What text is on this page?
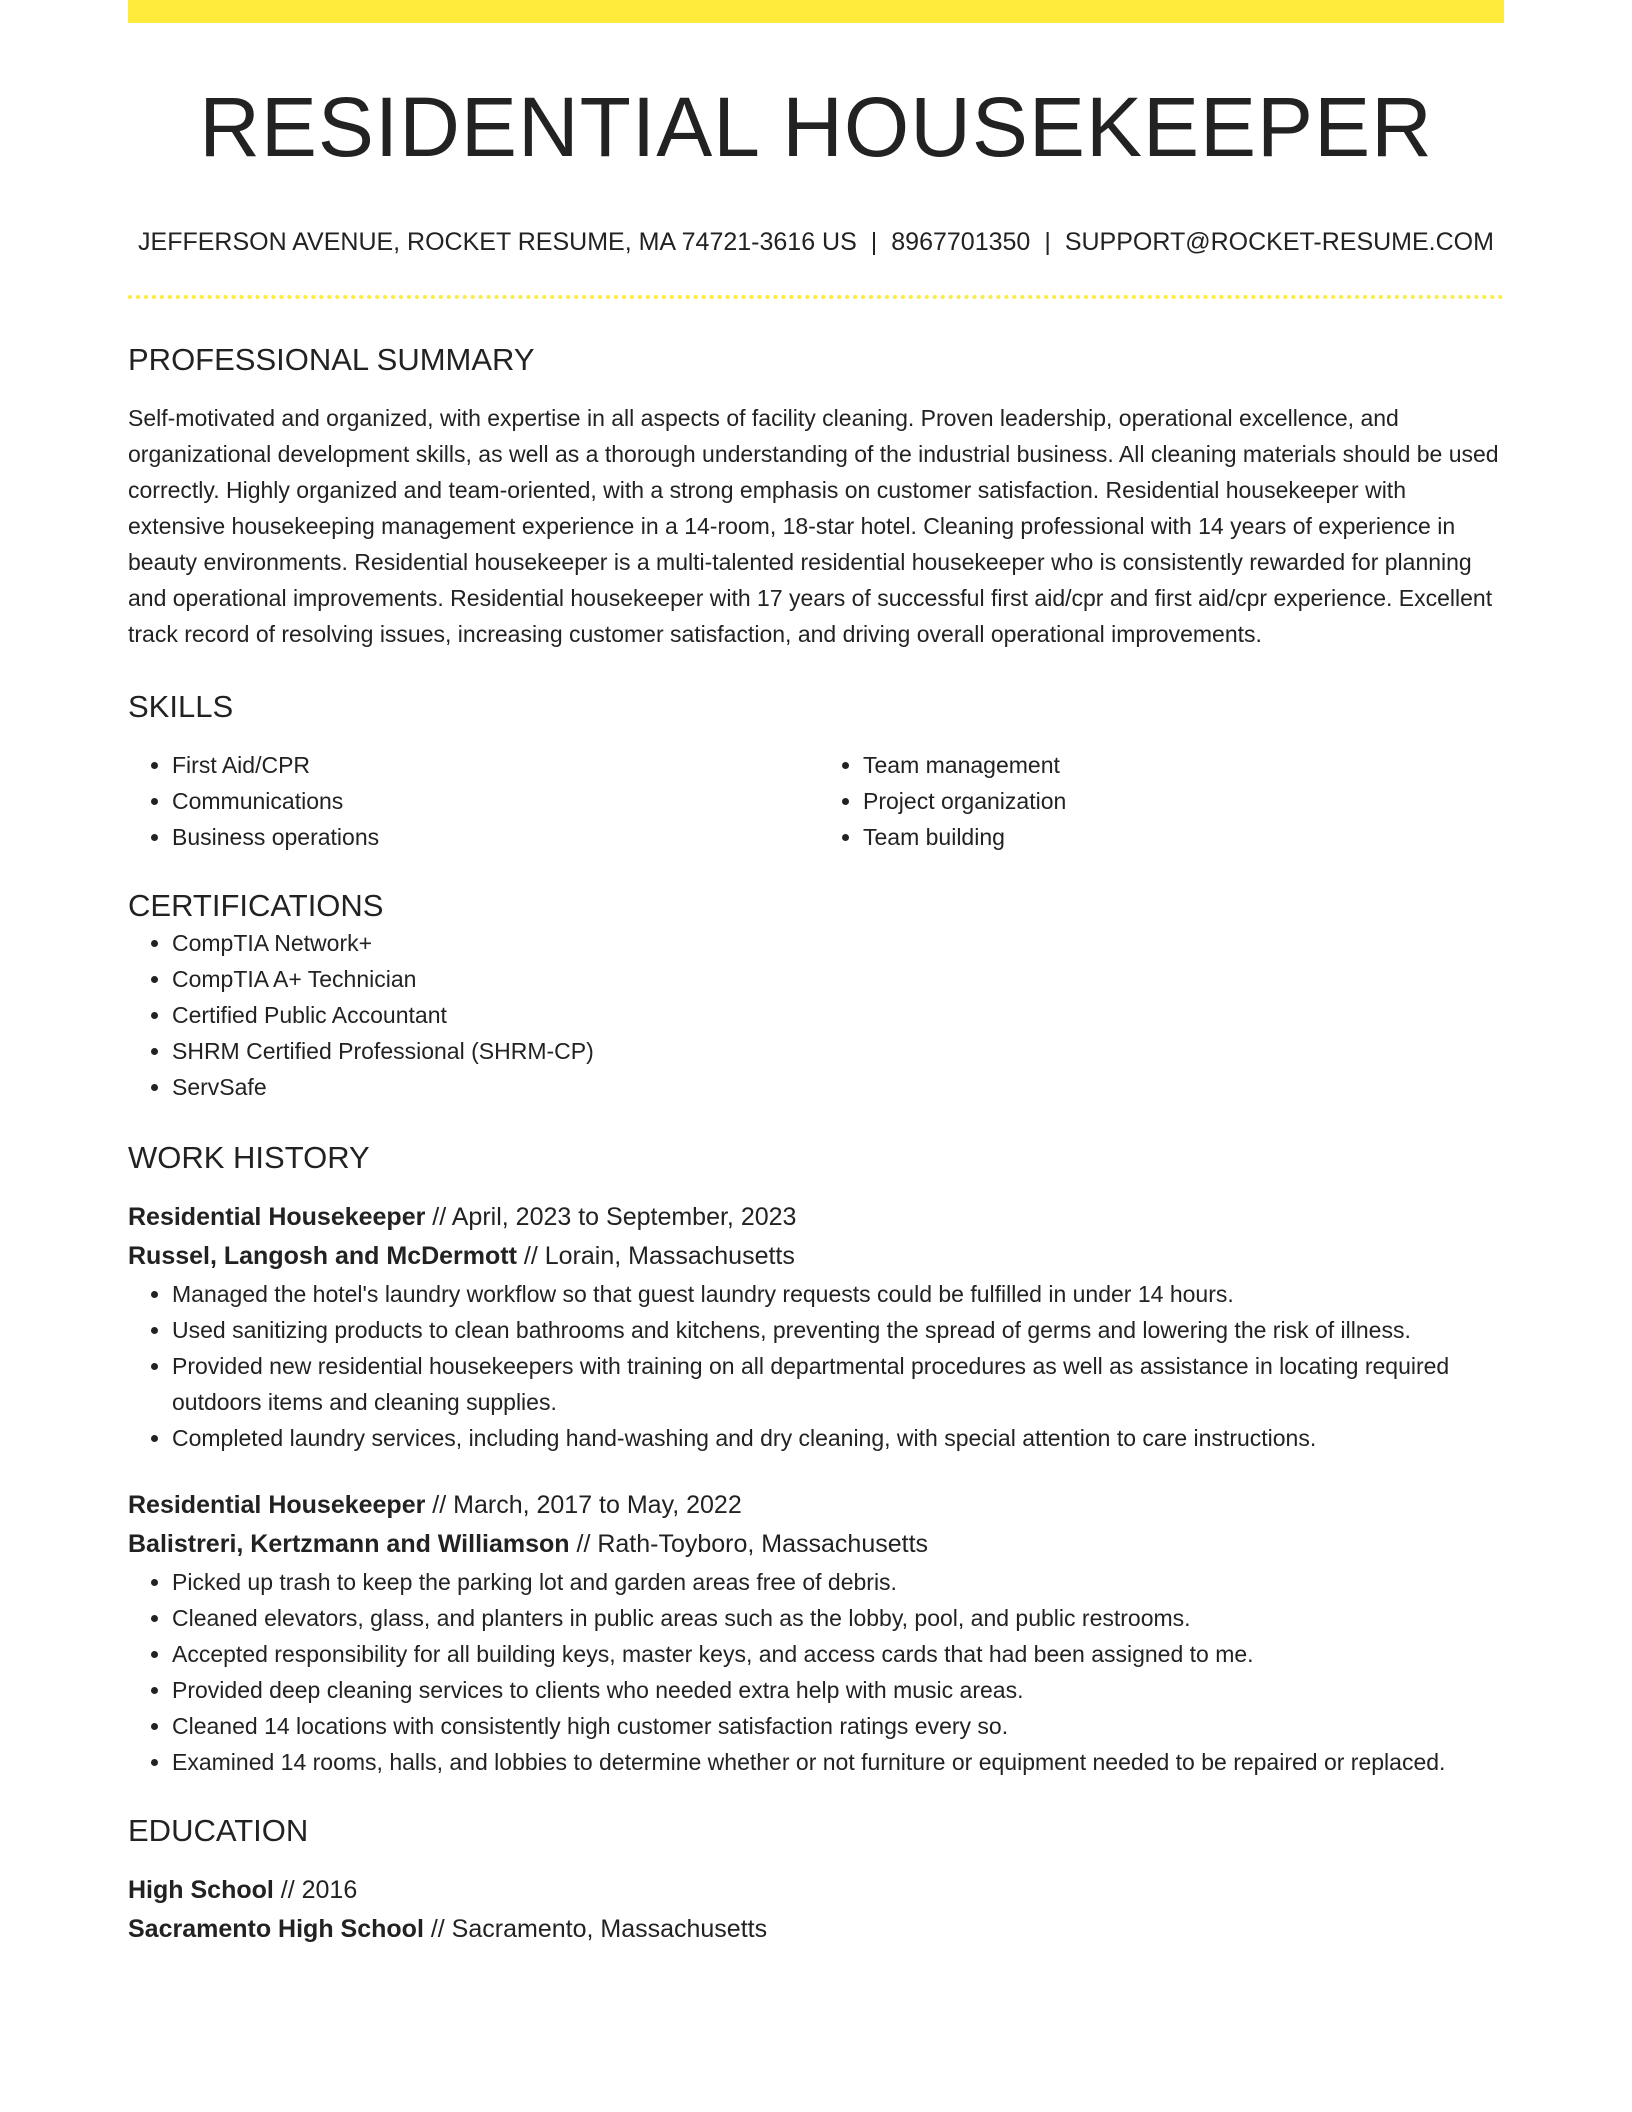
RESIDENTIAL HOUSEKEEPER
JEFFERSON AVENUE, ROCKET RESUME, MA 74721-3616 US | 8967701350 | SUPPORT@ROCKET-RESUME.COM
PROFESSIONAL SUMMARY
Self-motivated and organized, with expertise in all aspects of facility cleaning. Proven leadership, operational excellence, and organizational development skills, as well as a thorough understanding of the industrial business. All cleaning materials should be used correctly. Highly organized and team-oriented, with a strong emphasis on customer satisfaction. Residential housekeeper with extensive housekeeping management experience in a 14-room, 18-star hotel. Cleaning professional with 14 years of experience in beauty environments. Residential housekeeper is a multi-talented residential housekeeper who is consistently rewarded for planning and operational improvements. Residential housekeeper with 17 years of successful first aid/cpr and first aid/cpr experience. Excellent track record of resolving issues, increasing customer satisfaction, and driving overall operational improvements.
SKILLS
• First Aid/CPR
• Communications
• Business operations
• Team management
• Project organization
• Team building
CERTIFICATIONS
• CompTIA Network+
• CompTIA A+ Technician
• Certified Public Accountant
• SHRM Certified Professional (SHRM-CP)
• ServSafe
WORK HISTORY
Residential Housekeeper // April, 2023 to September, 2023
Russel, Langosh and McDermott // Lorain, Massachusetts
• Managed the hotel's laundry workflow so that guest laundry requests could be fulfilled in under 14 hours.
• Used sanitizing products to clean bathrooms and kitchens, preventing the spread of germs and lowering the risk of illness.
• Provided new residential housekeepers with training on all departmental procedures as well as assistance in locating required outdoors items and cleaning supplies.
• Completed laundry services, including hand-washing and dry cleaning, with special attention to care instructions.
Residential Housekeeper // March, 2017 to May, 2022
Balistreri, Kertzmann and Williamson // Rath-Toyboro, Massachusetts
• Picked up trash to keep the parking lot and garden areas free of debris.
• Cleaned elevators, glass, and planters in public areas such as the lobby, pool, and public restrooms.
• Accepted responsibility for all building keys, master keys, and access cards that had been assigned to me.
• Provided deep cleaning services to clients who needed extra help with music areas.
• Cleaned 14 locations with consistently high customer satisfaction ratings every so.
• Examined 14 rooms, halls, and lobbies to determine whether or not furniture or equipment needed to be repaired or replaced.
EDUCATION
High School // 2016
Sacramento High School // Sacramento, Massachusetts
